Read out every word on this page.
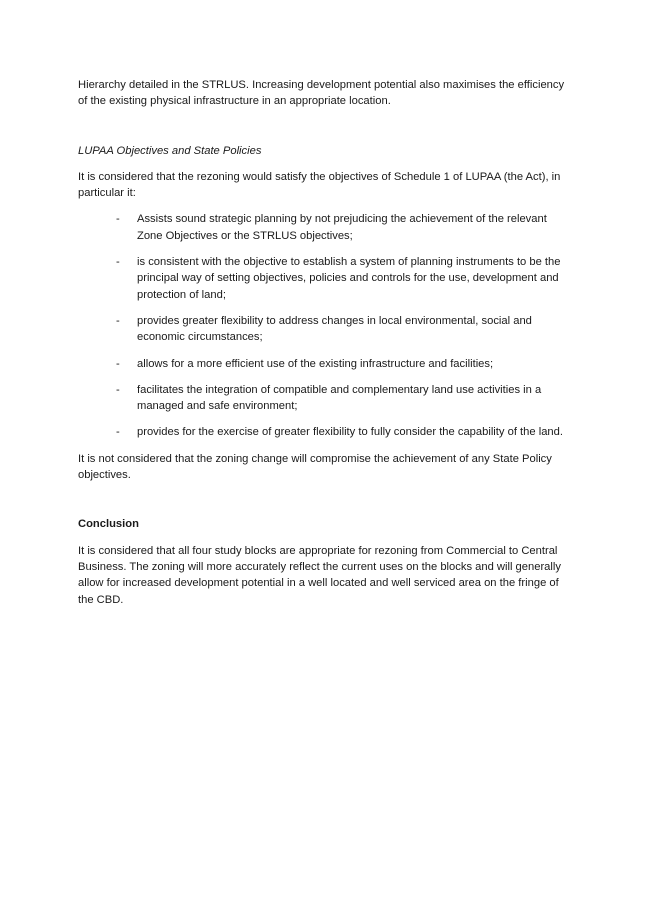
Hierarchy detailed in the STRLUS. Increasing development potential also maximises the efficiency of the existing physical infrastructure in an appropriate location.

LUPAA Objectives and State Policies

It is considered that the rezoning would satisfy the objectives of Schedule 1 of LUPAA (the Act), in particular it:

- Assists sound strategic planning by not prejudicing the achievement of the relevant Zone Objectives or the STRLUS objectives;
- is consistent with the objective to establish a system of planning instruments to be the principal way of setting objectives, policies and controls for the use, development and protection of land;
- provides greater flexibility to address changes in local environmental, social and economic circumstances;
- allows for a more efficient use of the existing infrastructure and facilities;
- facilitates the integration of compatible and complementary land use activities in a managed and safe environment;
- provides for the exercise of greater flexibility to fully consider the capability of the land.

It is not considered that the zoning change will compromise the achievement of any State Policy objectives.

Conclusion

It is considered that all four study blocks are appropriate for rezoning from Commercial to Central Business. The zoning will more accurately reflect the current uses on the blocks and will generally allow for increased development potential in a well located and well serviced area on the fringe of the CBD.
